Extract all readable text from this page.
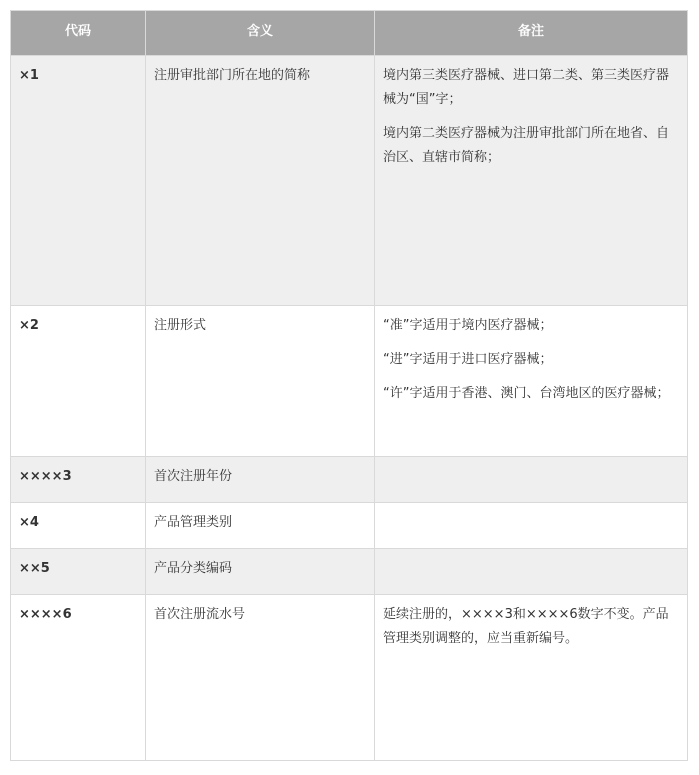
代码	含义	备注
×1	注册审批部门所在地的简称	境内第三类医疗器械、进口第二类、第三类医疗器械为“国”字；

境内第二类医疗器械为注册审批部门所在地省、自治区、直辖市简称；

×2	注册形式	“准”字适用于境内医疗器械；

“进”字适用于进口医疗器械；

“许”字适用于香港、澳门、台湾地区的医疗器械；

××××3	首次注册年份	
×4	产品管理类别	
××5	产品分类编码	
××××6	首次注册流水号	延续注册的，××××3和××××6数字不变。产品管理类别调整的，应当重新编号。
